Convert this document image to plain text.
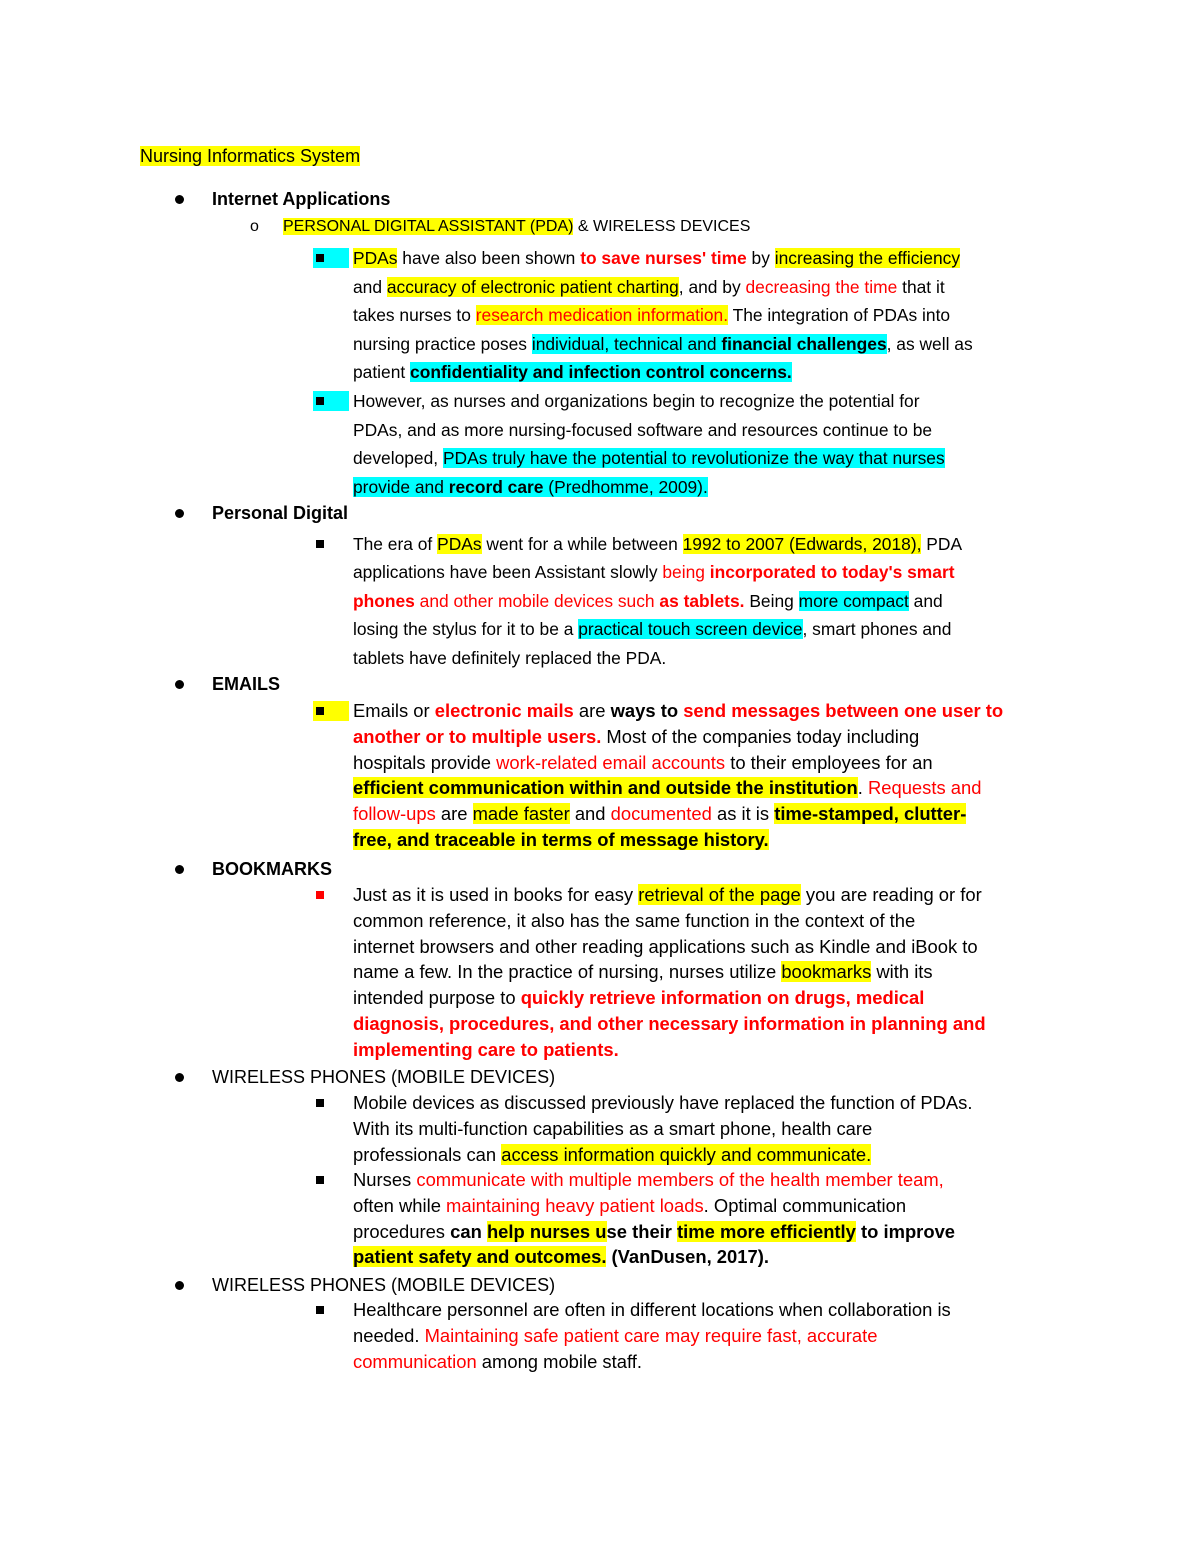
Nursing Informatics System
Internet Applications
o PERSONAL DIGITAL ASSISTANT (PDA) & WIRELESS DEVICES
PDAs have also been shown to save nurses' time by increasing the efficiency
and accuracy of electronic patient charting, and by decreasing the time that it
takes nurses to research medication information. The integration of PDAs into
nursing practice poses individual, technical and financial challenges, as well as
patient confidentiality and infection control concerns.
However, as nurses and organizations begin to recognize the potential for
PDAs, and as more nursing-focused software and resources continue to be
developed, PDAs truly have the potential to revolutionize the way that nurses
provide and record care (Predhomme, 2009).
Personal Digital
The era of PDAs went for a while between 1992 to 2007 (Edwards, 2018), PDA
applications have been Assistant slowly being incorporated to today's smart
phones and other mobile devices such as tablets. Being more compact and
losing the stylus for it to be a practical touch screen device, smart phones and
tablets have definitely replaced the PDA.
EMAILS
Emails or electronic mails are ways to send messages between one user to
another or to multiple users. Most of the companies today including
hospitals provide work-related email accounts to their employees for an
efficient communication within and outside the institution. Requests and
follow-ups are made faster and documented as it is time-stamped, clutter-
free, and traceable in terms of message history.
BOOKMARKS
Just as it is used in books for easy retrieval of the page you are reading or for
common reference, it also has the same function in the context of the
internet browsers and other reading applications such as Kindle and iBook to
name a few. In the practice of nursing, nurses utilize bookmarks with its
intended purpose to quickly retrieve information on drugs, medical
diagnosis, procedures, and other necessary information in planning and
implementing care to patients.
WIRELESS PHONES (MOBILE DEVICES)
Mobile devices as discussed previously have replaced the function of PDAs.
With its multi-function capabilities as a smart phone, health care
professionals can access information quickly and communicate.
Nurses communicate with multiple members of the health member team,
often while maintaining heavy patient loads. Optimal communication
procedures can help nurses use their time more efficiently to improve
patient safety and outcomes. (VanDusen, 2017).
WIRELESS PHONES (MOBILE DEVICES)
Healthcare personnel are often in different locations when collaboration is
needed. Maintaining safe patient care may require fast, accurate
communication among mobile staff.
